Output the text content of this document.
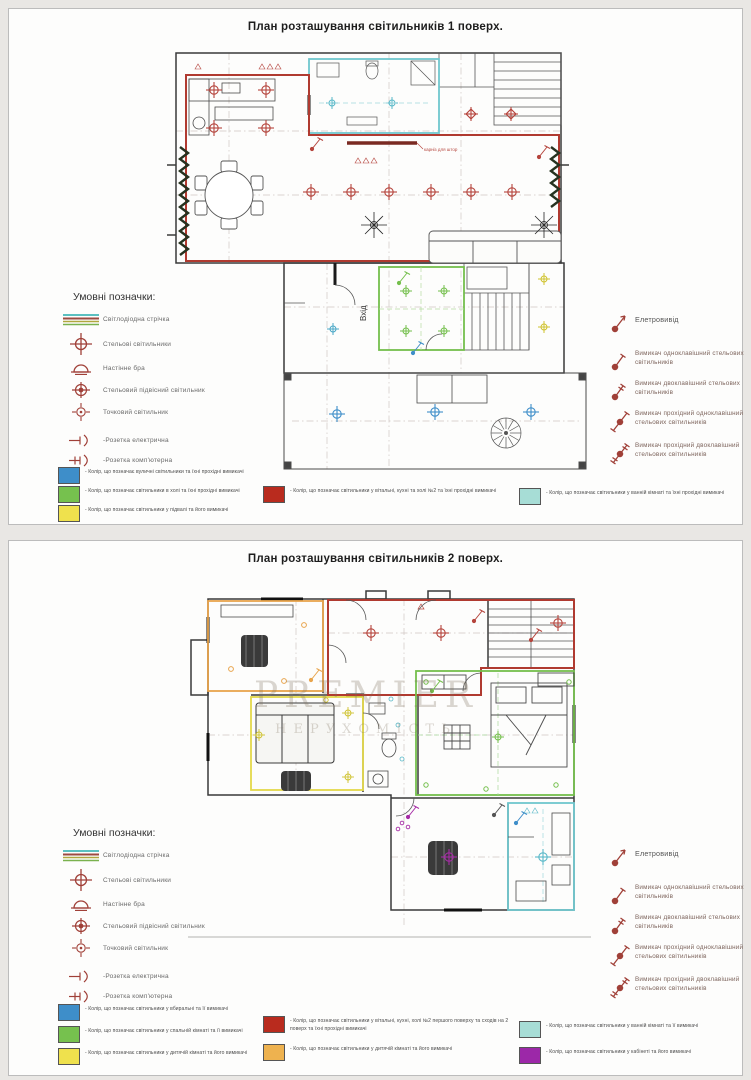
План розташування світильників 1 поверх.
карніз для штор
Вхід
Умовні позначки:
Світлодіодна стрічка
Стельові світильники
Настінне бра
Стельовий підвісний світильник
Точковий світильник
-Розетка електрична
-Розетка комп'ютерна
Елетровивід
Вимикач одноклавішний стельових світильників
Вимикач двоклавішний стельових світильників
Вимикач прохідний одноклавішний стельових світильників
Вимикач прохідний двоклавішний стельових світильників
- Колір, що позначає вуличні світильники та їхні прохідні вимикачі
- Колір, що позначає світильники в холі та їхні прохідні вимикачі
- Колір, що позначає світильники у підвалі та його вимикачі
- Колір, що позначає світильники у вітальні, кухні та холі №2 та їхні прохідні вимикачі	- Колір, що позначає світильники у ванній кімнаті та їхні прохідні вимикачі
План розташування світильників 2 поверх.
PREMIER
НЕРУХОМІСТЬ
Умовні позначки:
Світлодіодна стрічка
Стельові світильники
Настінне бра
Стельовий підвісний світильник
Точковий світильник
-Розетка електрична
-Розетка комп'ютерна
Елетровивід
Вимикач одноклавішний стельових світильників
Вимикач двоклавішний стельових світильників
Вимикач прохідний одноклавішний стельових світильників
Вимикач прохідний двоклавішний стельових світильників
- Колір, що позначає світильники у вбиральні та її вимикачі
- Колір, що позначає світильники у спальній кімнаті та її вимикачі
- Колір, що позначає світильники у дитячій кімнаті та його вимикачі
- Колір, що позначає світильники у вітальні, кухні, холі №2 першого поверху та сходів на 2 поверх та їхні прохідні вимикачі
- Колір, що позначає світильники у дитячій кімнаті та його вимикачі
- Колір, що позначає світильники у ванній кімнаті та її вимикачі
- Колір, що позначає світильники у кабінеті та його вимикачі
